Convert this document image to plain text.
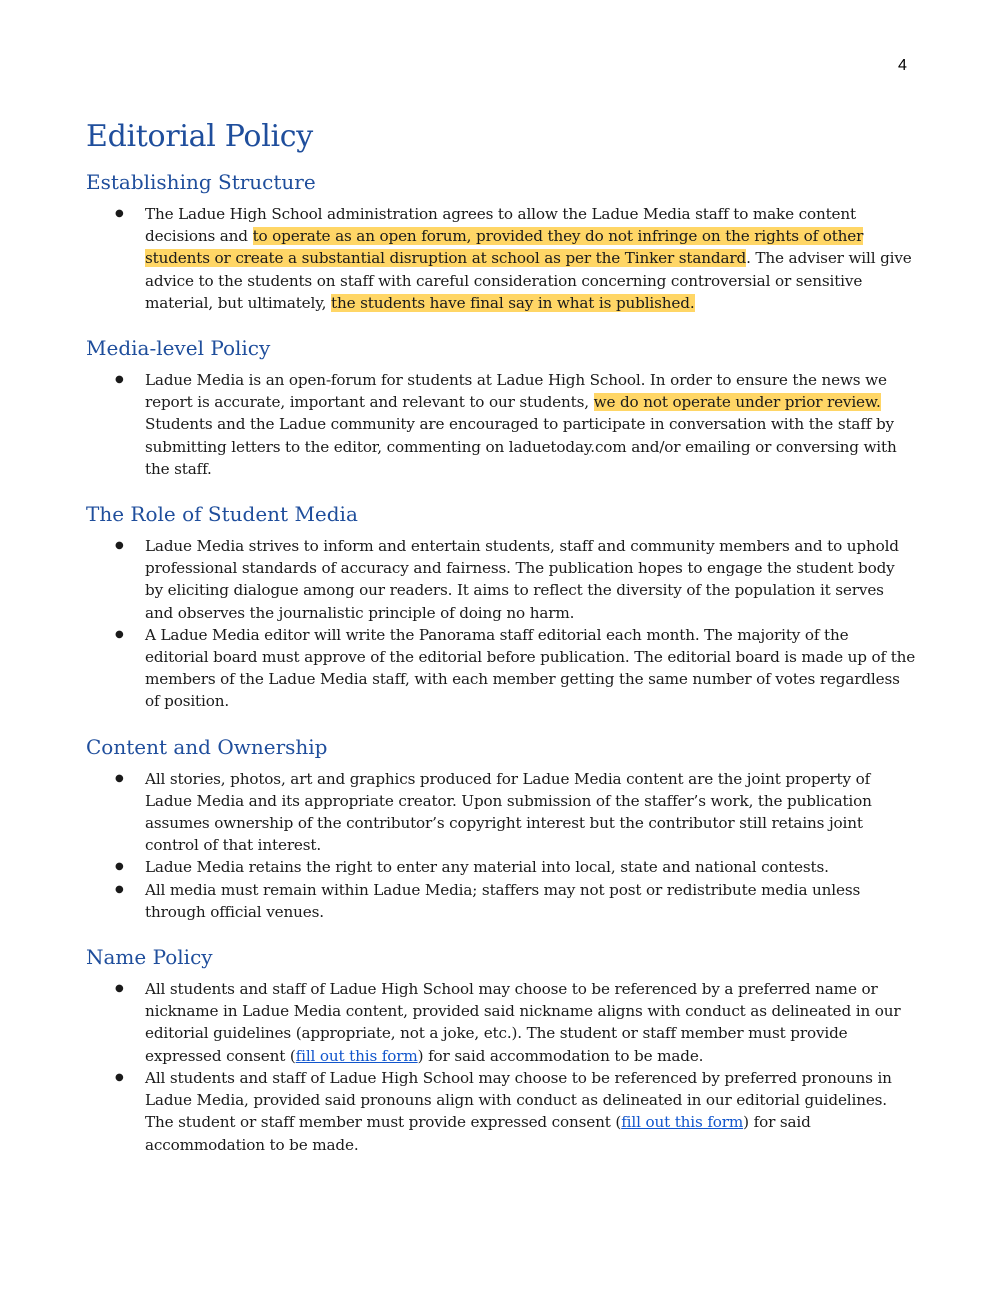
4
Editorial Policy
Establishing Structure
● The Ladue High School administration agrees to allow the Ladue Media staff to make content decisions and to operate as an open forum, provided they do not infringe on the rights of other students or create a substantial disruption at school as per the Tinker standard. The adviser will give advice to the students on staff with careful consideration concerning controversial or sensitive material, but ultimately, the students have final say in what is published.
Media-level Policy
● Ladue Media is an open-forum for students at Ladue High School. In order to ensure the news we report is accurate, important and relevant to our students, we do not operate under prior review. Students and the Ladue community are encouraged to participate in conversation with the staff by submitting letters to the editor, commenting on laduetoday.com and/or emailing or conversing with the staff.
The Role of Student Media
● Ladue Media strives to inform and entertain students, staff and community members and to uphold professional standards of accuracy and fairness. The publication hopes to engage the student body by eliciting dialogue among our readers. It aims to reflect the diversity of the population it serves and observes the journalistic principle of doing no harm.
● A Ladue Media editor will write the Panorama staff editorial each month. The majority of the editorial board must approve of the editorial before publication. The editorial board is made up of the members of the Ladue Media staff, with each member getting the same number of votes regardless of position.
Content and Ownership
● All stories, photos, art and graphics produced for Ladue Media content are the joint property of Ladue Media and its appropriate creator. Upon submission of the staffer’s work, the publication assumes ownership of the contributor’s copyright interest but the contributor still retains joint control of that interest.
● Ladue Media retains the right to enter any material into local, state and national contests.
● All media must remain within Ladue Media; staffers may not post or redistribute media unless through official venues.
Name Policy
● All students and staff of Ladue High School may choose to be referenced by a preferred name or nickname in Ladue Media content, provided said nickname aligns with conduct as delineated in our editorial guidelines (appropriate, not a joke, etc.). The student or staff member must provide expressed consent (fill out this form) for said accommodation to be made.
● All students and staff of Ladue High School may choose to be referenced by preferred pronouns in Ladue Media, provided said pronouns align with conduct as delineated in our editorial guidelines. The student or staff member must provide expressed consent (fill out this form) for said accommodation to be made.
